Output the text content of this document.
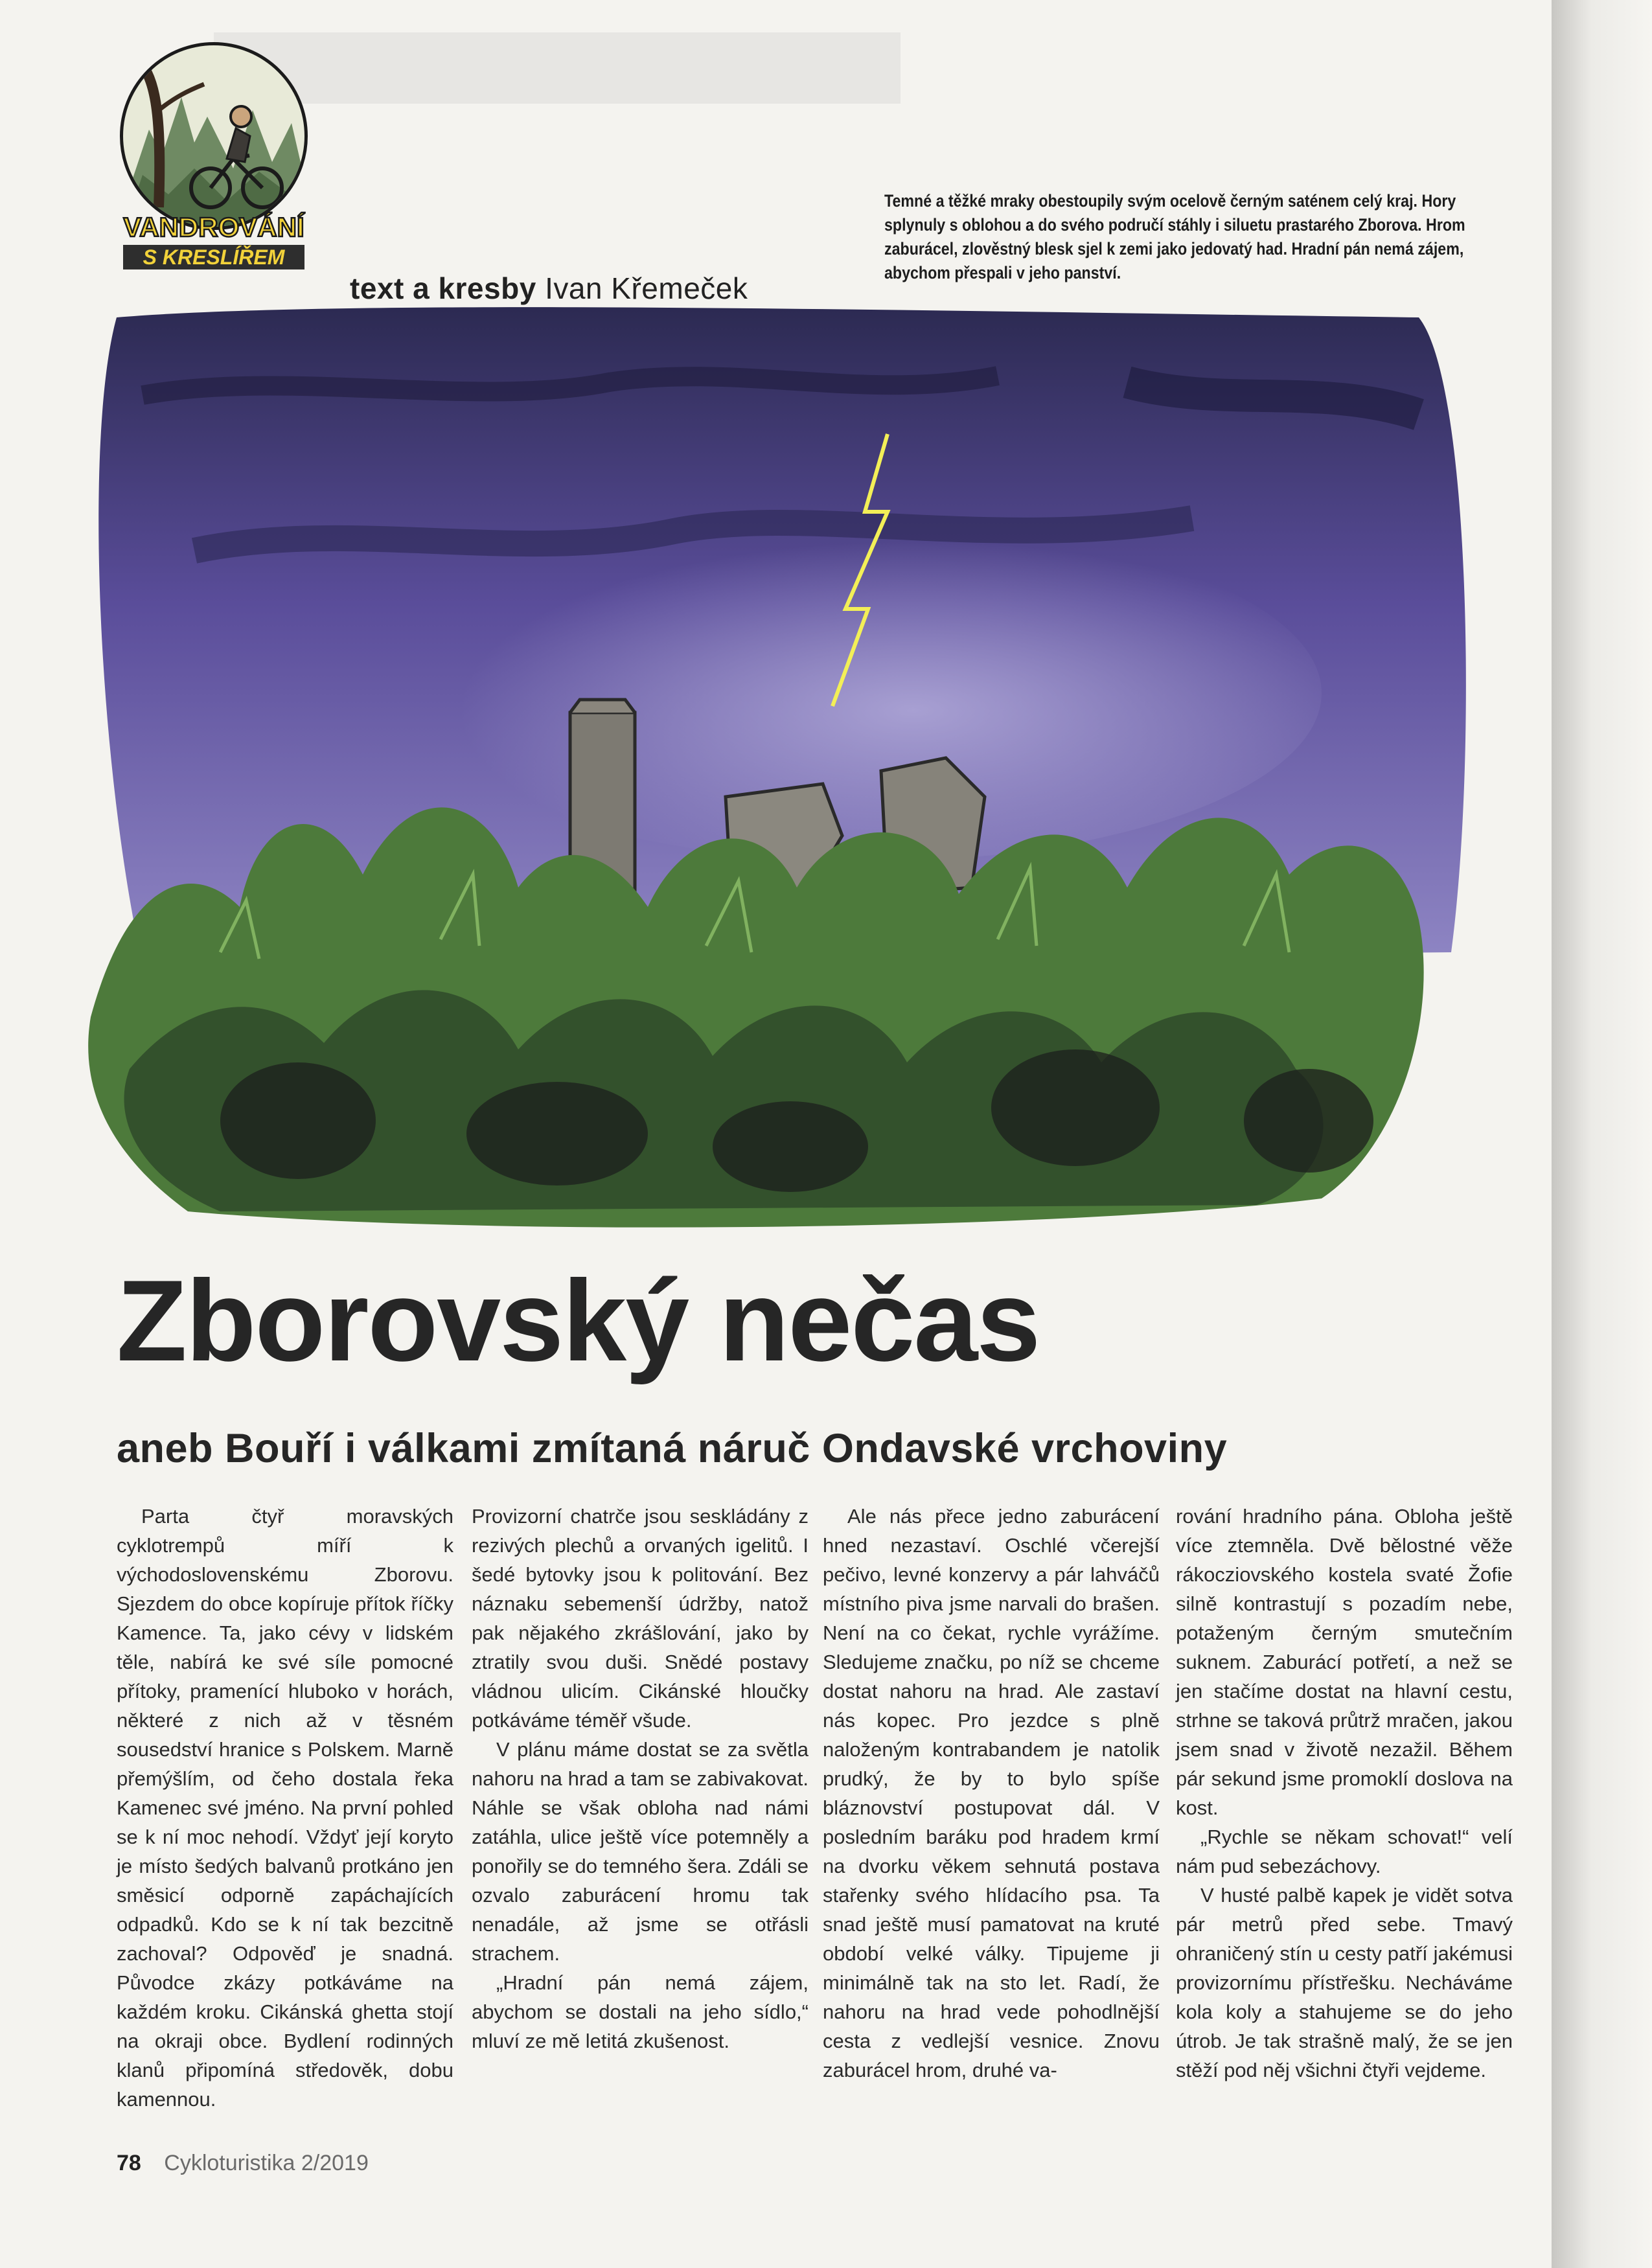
VANDROVÁNÍ
S KRESLÍŘEM
text a kresby Ivan Křemeček
Temné a těžké mraky obestoupily svým ocelově černým saténem celý kraj. Hory splynuly s oblohou a do svého područí stáhly i siluetu prastarého Zborova. Hrom zaburácel, zlověstný blesk sjel k zemi jako jedovatý had. Hradní pán nemá zájem, abychom přespali v jeho panství.
Zborovský nečas
aneb Bouří i válkami zmítaná náruč Ondavské vrchoviny

Parta čtyř moravských cyklotrempů míří k východoslovenskému Zborovu. Sjezdem do obce kopíruje přítok říčky Kamence. Ta, jako cévy v lidském těle, nabírá ke své síle pomocné přítoky, pramenící hluboko v horách, některé z nich až v těsném sousedství hranice s Polskem. Marně přemýšlím, od čeho dostala řeka Kamenec své jméno. Na první pohled se k ní moc nehodí. Vždyť její koryto je místo šedých balvanů protkáno jen směsicí odporně zapáchajících odpadků. Kdo se k ní tak bezcitně zachoval? Odpověď je snadná. Původce zkázy potkáváme na každém kroku. Cikánská ghetta stojí na okraji obce. Bydlení rodinných klanů připomíná středověk, dobu kamennou.

Provizorní chatrče jsou seskládány z rezivých plechů a orvaných igelitů. I šedé bytovky jsou k politování. Bez náznaku sebemenší údržby, natož pak nějakého zkrášlování, jako by ztratily svou duši. Snědé postavy vládnou ulicím. Cikánské hloučky potkáváme téměř všude.

V plánu máme dostat se za světla nahoru na hrad a tam se zabivakovat. Náhle se však obloha nad námi zatáhla, ulice ještě více potemněly a ponořily se do temného šera. Zdáli se ozvalo zaburácení hromu tak nenadále, až jsme se otřásli strachem.

„Hradní pán nemá zájem, abychom se dostali na jeho sídlo,“ mluví ze mě letitá zkušenost.

Ale nás přece jedno zaburácení hned nezastaví. Oschlé včerejší pečivo, levné konzervy a pár lahváčů místního piva jsme narvali do brašen. Není na co čekat, rychle vyrážíme. Sledujeme značku, po níž se chceme dostat nahoru na hrad. Ale zastaví nás kopec. Pro jezdce s plně naloženým kontrabandem je natolik prudký, že by to bylo spíše bláznovství postupovat dál. V posledním baráku pod hradem krmí na dvorku věkem sehnutá postava stařenky svého hlídacího psa. Ta snad ještě musí pamatovat na kruté období velké války. Tipujeme ji minimálně tak na sto let. Radí, že nahoru na hrad vede pohodlnější cesta z vedlejší vesnice. Znovu zaburácel hrom, druhé va-

rování hradního pána. Obloha ještě více ztemněla. Dvě bělostné věže rákocziovského kostela svaté Žofie silně kontrastují s pozadím nebe, potaženým černým smutečním suknem. Zaburácí potřetí, a než se jen stačíme dostat na hlavní cestu, strhne se taková průtrž mračen, jakou jsem snad v životě nezažil. Během pár sekund jsme promoklí doslova na kost.

„Rychle se někam schovat!“ velí nám pud sebezáchovy.

V husté palbě kapek je vidět sotva pár metrů před sebe. Tmavý ohraničený stín u cesty patří jakémusi provizornímu přístřešku. Necháváme kola koly a stahujeme se do jeho útrob. Je tak strašně malý, že se jen stěží pod něj všichni čtyři vejdeme.

78 Cykloturistika 2/2019
